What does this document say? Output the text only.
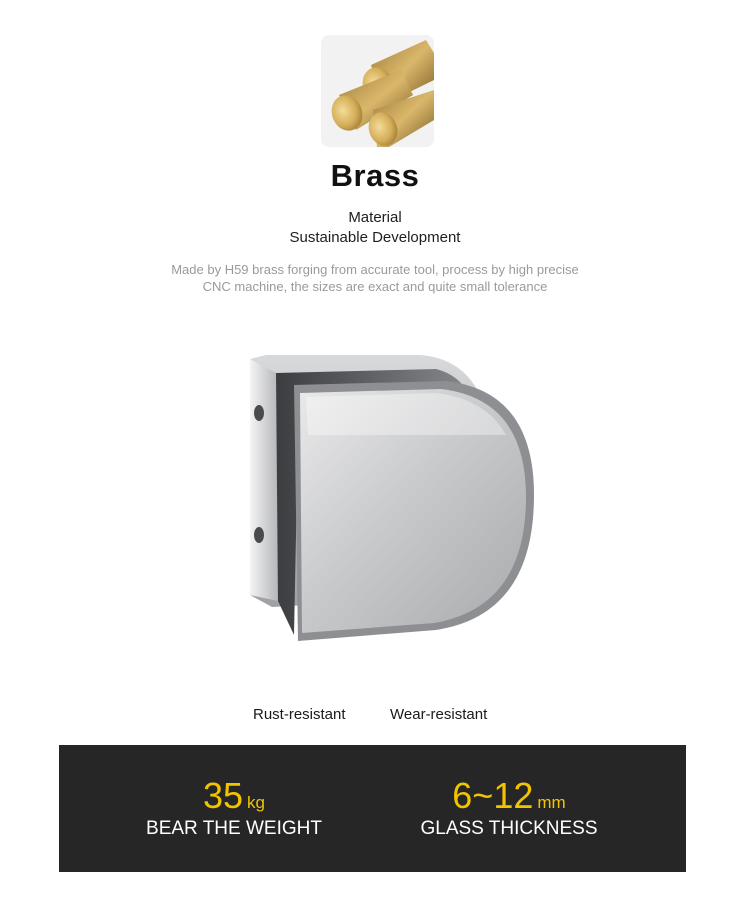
Brass
Material
Sustainable Development
Made by H59 brass forging from accurate tool, process by high precise
CNC machine, the sizes are exact and quite small tolerance
Rust-resistant	Wear-resistant
35 kg
BEAR THE WEIGHT
6~12 mm
GLASS THICKNESS
